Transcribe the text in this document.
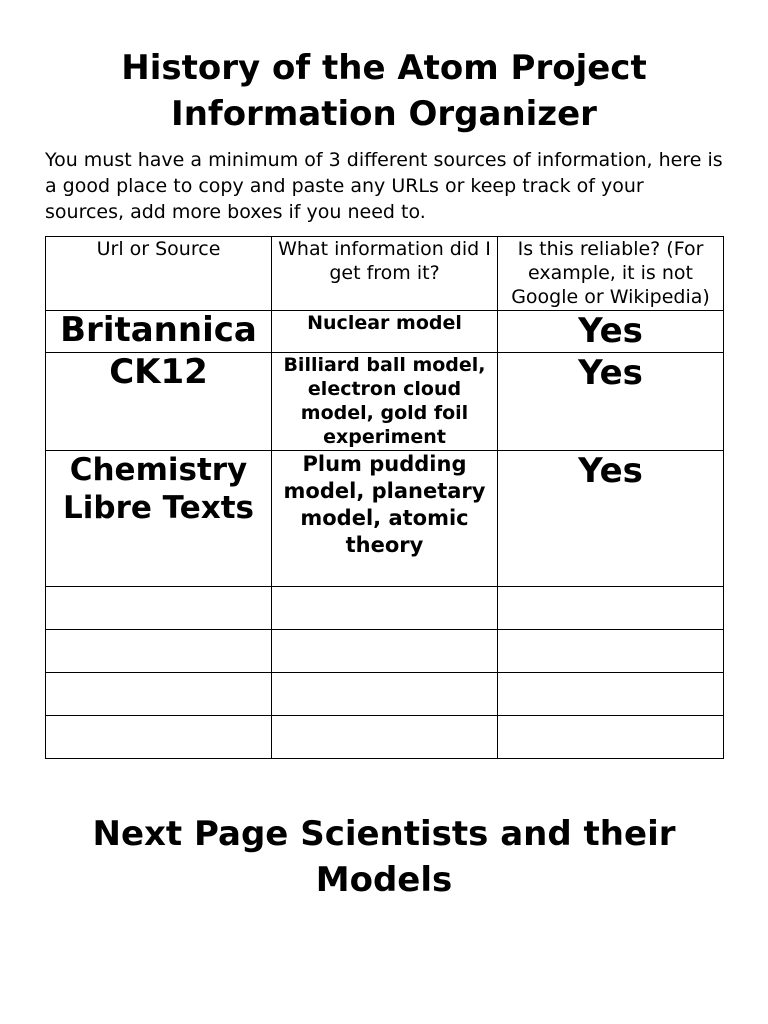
History of the Atom Project
Information Organizer

You must have a minimum of 3 different sources of information, here is a good place to copy and paste any URLs or keep track of your sources, add more boxes if you need to.

Url or Source	What information did I get from it?	Is this reliable? (For example, it is not Google or Wikipedia)
Britannica	Nuclear model	Yes
CK12	Billiard ball model, electron cloud model, gold foil experiment	Yes
Chemistry Libre Texts	Plum pudding model, planetary model, atomic theory	Yes

Next Page Scientists and their
Models
